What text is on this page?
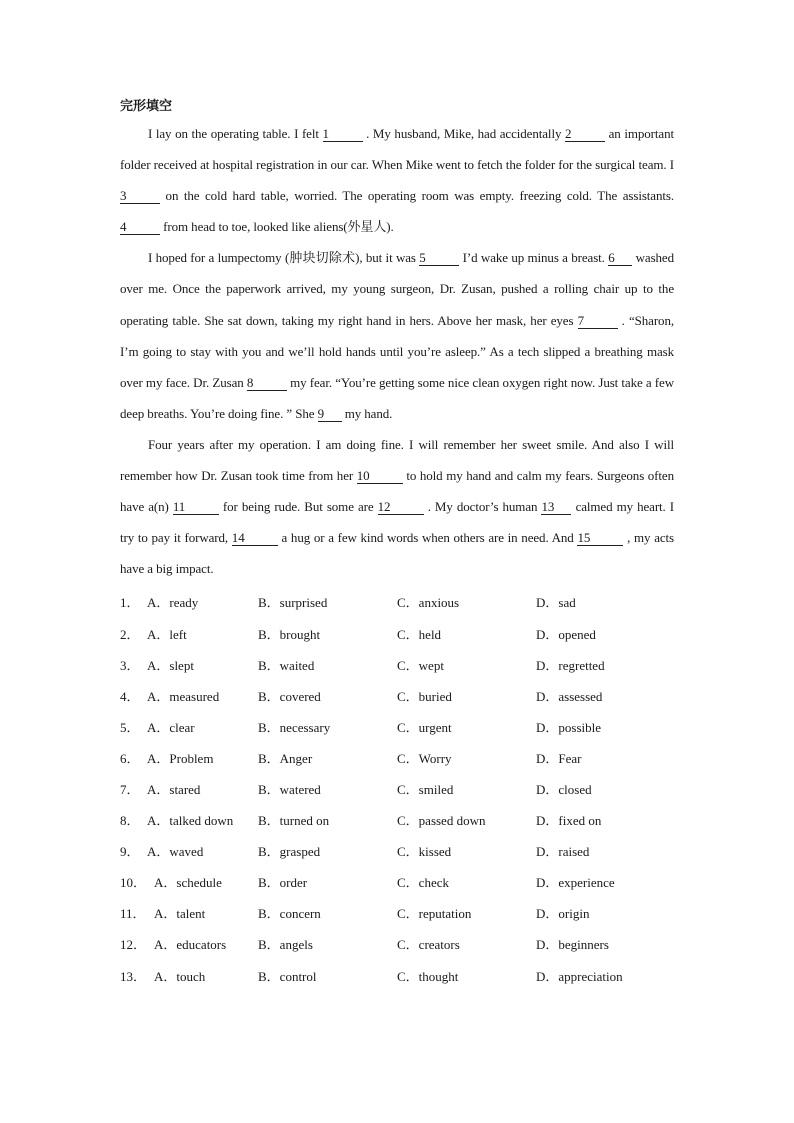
完形填空

I lay on the operating table. I felt 1	. My husband, Mike, had accidentally 2	an important folder received at hospital registration in our car. When Mike went to fetch the folder for the surgical team. I 3	on the cold hard table, worried. The operating room was empty. freezing cold. The assistants. 4	from head to toe, looked like aliens(外星人).

I hoped for a lumpectomy (肿块切除术), but it was 5	I’d wake up minus a breast. 6 washed over me. Once the paperwork arrived, my young surgeon, Dr. Zusan, pushed a rolling chair up to the operating table. She sat down, taking my right hand in hers. Above her mask, her eyes 7	. “Sharon, I’m going to stay with you and we’ll hold hands until you’re asleep.” As a tech slipped a breathing mask over my face. Dr. Zusan 8	my fear. “You’re getting some nice clean oxygen right now. Just take a few deep breaths. You’re doing fine. ” She 9 my hand.

Four years after my operation. I am doing fine. I will remember her sweet smile. And also I will remember how Dr. Zusan took time from her 10	to hold my hand and calm my fears. Surgeons often have a(n) 11	for being rude. But some are 12	. My doctor’s human 13 calmed my heart. I try to pay it forward, 14	a hug or a few kind words when others are in need. And 15	, my acts have a big impact.

1． A．ready	B．surprised	C．anxious	D．sad
2． A．left	B．brought	C．held	D．opened
3． A．slept	B．waited	C．wept	D．regretted
4． A．measured	B．covered	C．buried	D．assessed
5． A．clear	B．necessary	C．urgent	D．possible
6． A．Problem	B．Anger	C．Worry	D．Fear
7． A．stared	B．watered	C．smiled	D．closed
8． A．talked down	B．turned on	C．passed down	D．fixed on
9． A．waved	B．grasped	C．kissed	D．raised
10． A．schedule	B．order	C．check	D．experience
11． A．talent	B．concern	C．reputation	D．origin
12． A．educators	B．angels	C．creators	D．beginners
13． A．touch	B．control	C．thought	D．appreciation
